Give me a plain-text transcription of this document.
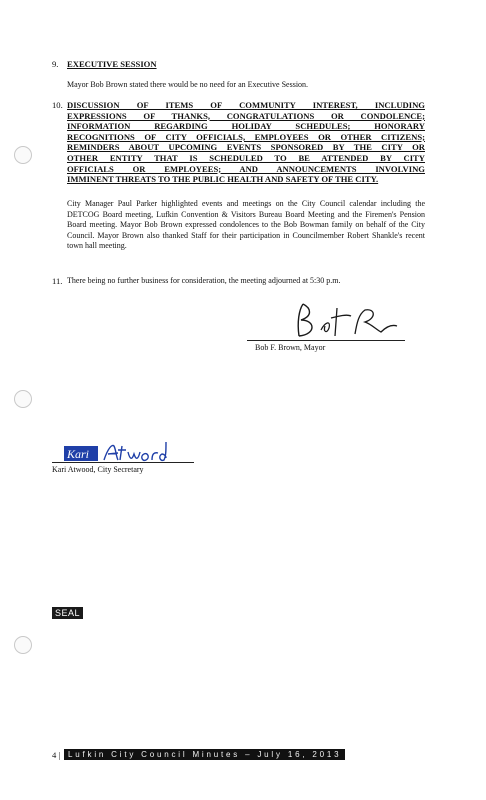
9. EXECUTIVE SESSION
Mayor Bob Brown stated there would be no need for an Executive Session.
10. DISCUSSION OF ITEMS OF COMMUNITY INTEREST, INCLUDING
EXPRESSIONS OF THANKS, CONGRATULATIONS OR CONDOLENCE;
INFORMATION REGARDING HOLIDAY SCHEDULES; HONORARY
RECOGNITIONS OF CITY OFFICIALS, EMPLOYEES OR OTHER CITIZENS;
REMINDERS ABOUT UPCOMING EVENTS SPONSORED BY THE CITY OR
OTHER ENTITY THAT IS SCHEDULED TO BE ATTENDED BY CITY
OFFICIALS OR EMPLOYEES; AND ANNOUNCEMENTS INVOLVING
IMMINENT THREATS TO THE PUBLIC HEALTH AND SAFETY OF THE CITY.
City Manager Paul Parker highlighted events and meetings on the City Council calendar including the DETCOG Board meeting, Lufkin Convention & Visitors Bureau Board Meeting and the Firemen's Pension Board meeting. Mayor Bob Brown expressed condolences to the Bob Bowman family on behalf of the City Council. Mayor Brown also thanked Staff for their participation in Councilmember Robert Shankle's recent town hall meeting.
11. There being no further business for consideration, the meeting adjourned at 5:30 p.m.
Bob F. Brown, Mayor
Kari
Kari Atwood, City Secretary
SEAL
4 | Lufkin City Council Minutes – July 16, 2013
